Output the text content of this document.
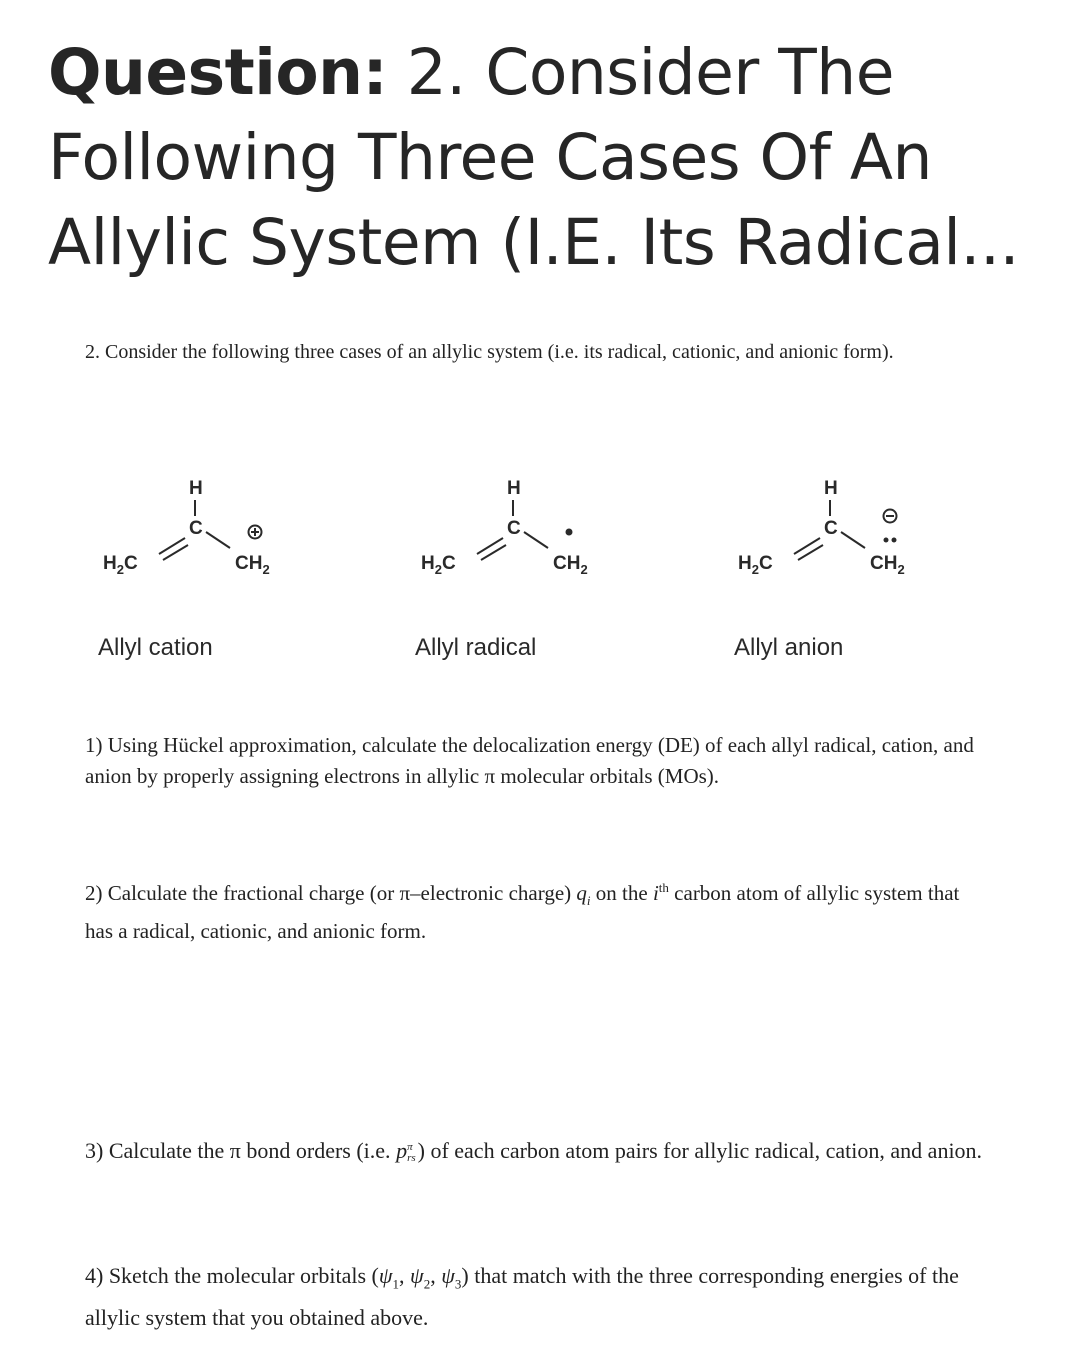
Question: 2. Consider The Following Three Cases Of An Allylic System (I.E. Its Radical...

2. Consider the following three cases of an allylic system (i.e. its radical, cationic, and anionic form).

H
C
$H_2C$	$CH_2$
H
C
$H_2C$	$CH_2$
H
C
$H_2C$	$CH_2$
Allyl cation	Allyl radical	Allyl anion

1) Using Hückel approximation, calculate the delocalization energy (DE) of each allyl radical, cation, and anion by properly assigning electrons in allylic π molecular orbitals (MOs).

2) Calculate the fractional charge (or π–electronic charge) $q_i$ on the $i^{th}$ carbon atom of allylic system that has a radical, cationic, and anionic form.

3) Calculate the π bond orders (i.e. p π
rs ) of each carbon atom pairs for allylic radical, cation, and anion.

4) Sketch the molecular orbitals ($\psi_1$, $\psi_2$, $\psi_3$) that match with the three corresponding energies of the allylic system that you obtained above.
